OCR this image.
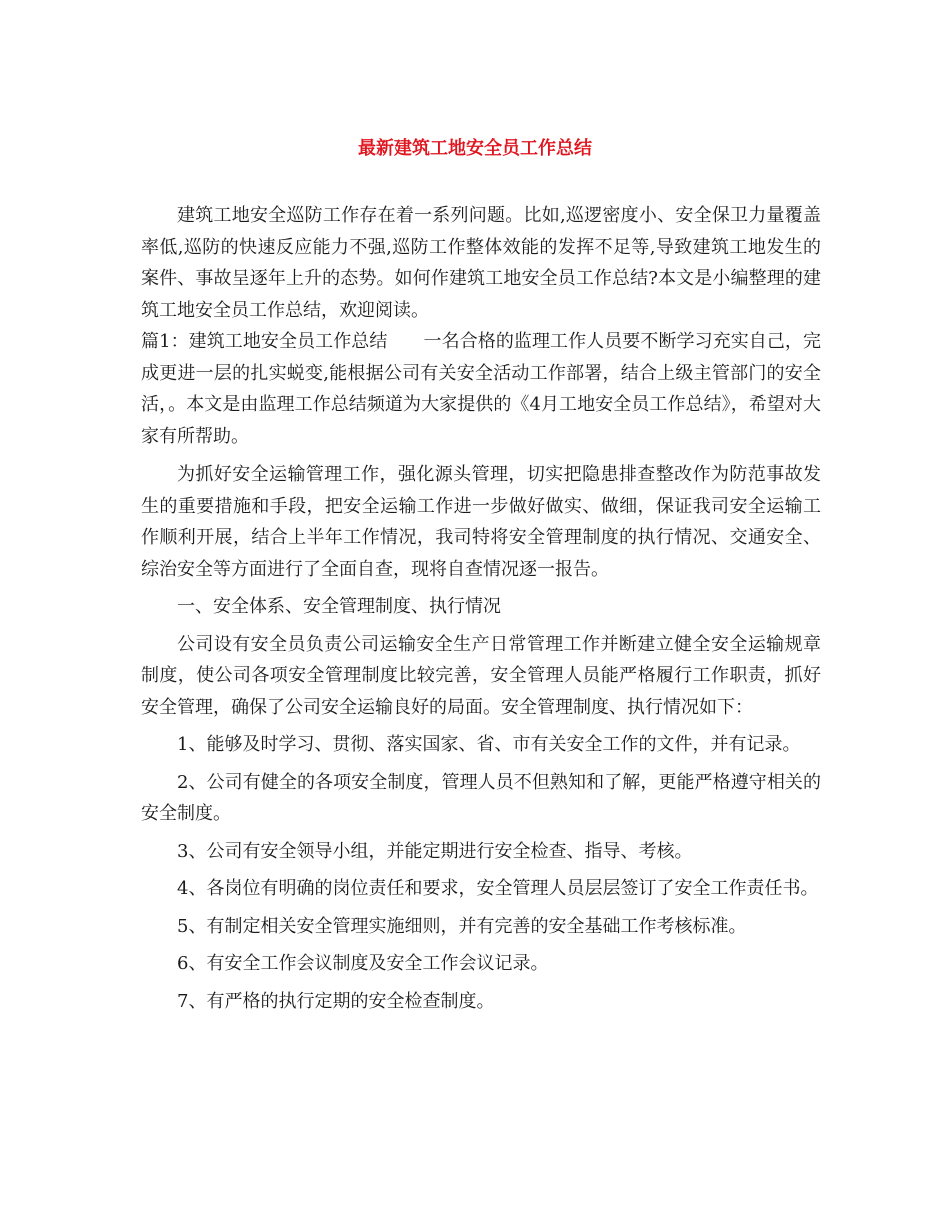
最新建筑工地安全员工作总结

建筑工地安全巡防工作存在着一系列问题。比如,巡逻密度小、安全保卫力量覆盖率低,巡防的快速反应能力不强,巡防工作整体效能的发挥不足等,导致建筑工地发生的案件、事故呈逐年上升的态势。如何作建筑工地安全员工作总结?本文是小编整理的建筑工地安全员工作总结，欢迎阅读。

篇1：建筑工地安全员工作总结　　一名合格的监理工作人员要不断学习充实自己，完成更进一层的扎实蜕变,能根据公司有关安全活动工作部署，结合上级主管部门的安全活，。本文是由监理工作总结频道为大家提供的《4月工地安全员工作总结》，希望对大家有所帮助。

为抓好安全运输管理工作，强化源头管理，切实把隐患排查整改作为防范事故发生的重要措施和手段，把安全运输工作进一步做好做实、做细，保证我司安全运输工作顺利开展，结合上半年工作情况，我司特将安全管理制度的执行情况、交通安全、综治安全等方面进行了全面自查，现将自查情况逐一报告。

一、安全体系、安全管理制度、执行情况

公司设有安全员负责公司运输安全生产日常管理工作并断建立健全安全运输规章制度，使公司各项安全管理制度比较完善，安全管理人员能严格履行工作职责，抓好安全管理，确保了公司安全运输良好的局面。安全管理制度、执行情况如下：

1、能够及时学习、贯彻、落实国家、省、市有关安全工作的文件，并有记录。

2、公司有健全的各项安全制度，管理人员不但熟知和了解，更能严格遵守相关的安全制度。

3、公司有安全领导小组，并能定期进行安全检查、指导、考核。

4、各岗位有明确的岗位责任和要求，安全管理人员层层签订了安全工作责任书。

5、有制定相关安全管理实施细则，并有完善的安全基础工作考核标准。

6、有安全工作会议制度及安全工作会议记录。

7、有严格的执行定期的安全检查制度。
